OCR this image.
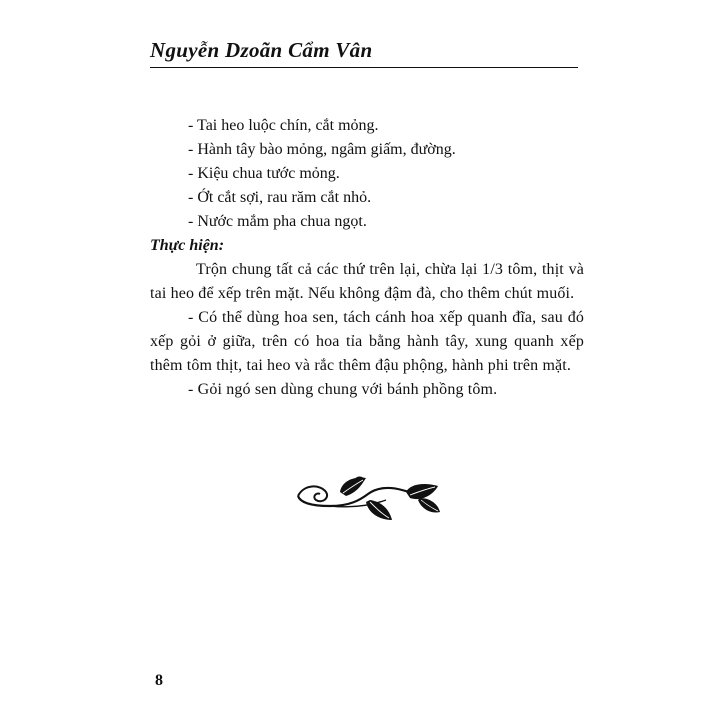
Nguyễn Dzoãn Cẩm Vân

- Tai heo luộc chín, cắt mỏng.

- Hành tây bào mỏng, ngâm giấm, đường.

- Kiệu chua tước mỏng.

- Ớt cắt sợi, rau răm cắt nhỏ.

- Nước mắm pha chua ngọt.

Thực hiện:

Trộn chung tất cả các thứ trên lại, chừa lại 1/3 tôm, thịt và tai heo để xếp trên mặt. Nếu không đậm đà, cho thêm chút muối.

- Có thể dùng hoa sen, tách cánh hoa xếp quanh đĩa, sau đó xếp gỏi ở giữa, trên có hoa tỉa bằng hành tây, xung quanh xếp thêm tôm thịt, tai heo và rắc thêm đậu phộng, hành phi trên mặt.

- Gỏi ngó sen dùng chung với bánh phồng tôm.

8
